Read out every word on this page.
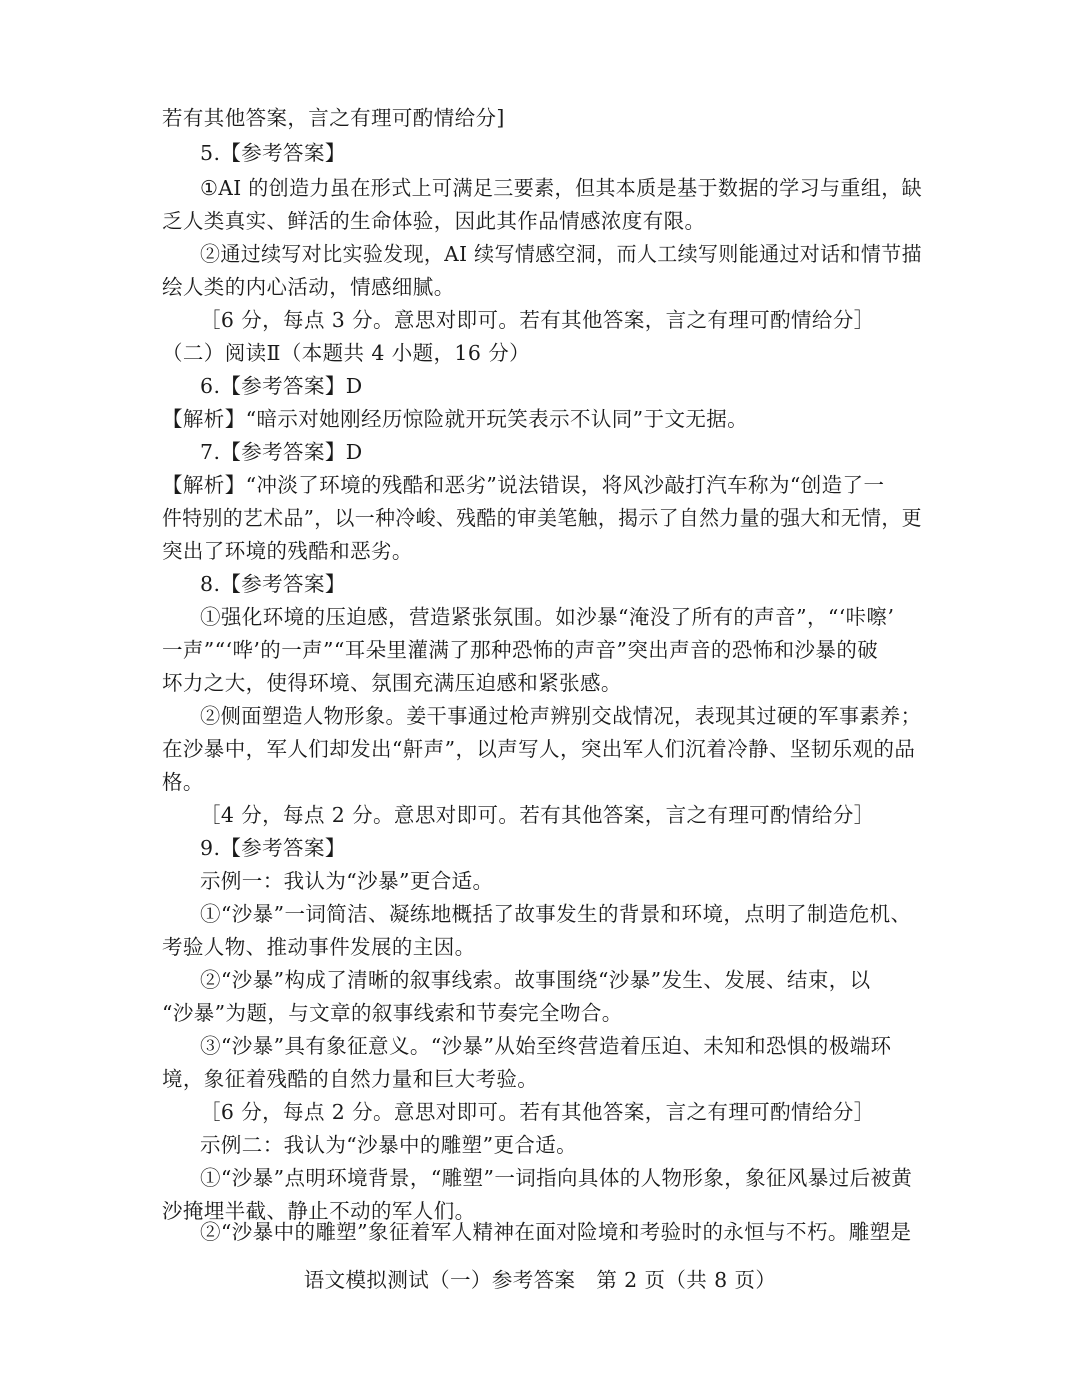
若有其他答案，言之有理可酌情给分]
5.【参考答案】
①AI 的创造力虽在形式上可满足三要素，但其本质是基于数据的学习与重组，缺
乏人类真实、鲜活的生命体验，因此其作品情感浓度有限。
②通过续写对比实验发现，AI 续写情感空洞，而人工续写则能通过对话和情节描
绘人类的内心活动，情感细腻。
［6 分，每点 3 分。意思对即可。若有其他答案，言之有理可酌情给分］
（二）阅读Ⅱ（本题共 4 小题，16 分）
6.【参考答案】D
【解析】“暗示对她刚经历惊险就开玩笑表示不认同”于文无据。
7.【参考答案】D
【解析】“冲淡了环境的残酷和恶劣”说法错误，将风沙敲打汽车称为“创造了一
件特别的艺术品”，以一种冷峻、残酷的审美笔触，揭示了自然力量的强大和无情，更
突出了环境的残酷和恶劣。
8.【参考答案】
①强化环境的压迫感，营造紧张氛围。如沙暴“淹没了所有的声音”，“‘咔嚓’
一声”“‘哗’的一声”“耳朵里灌满了那种恐怖的声音”突出声音的恐怖和沙暴的破
坏力之大，使得环境、氛围充满压迫感和紧张感。
②侧面塑造人物形象。姜干事通过枪声辨别交战情况，表现其过硬的军事素养；
在沙暴中，军人们却发出“鼾声”，以声写人，突出军人们沉着冷静、坚韧乐观的品
格。
［4 分，每点 2 分。意思对即可。若有其他答案，言之有理可酌情给分］
9.【参考答案】
示例一：我认为“沙暴”更合适。
①“沙暴”一词简洁、凝练地概括了故事发生的背景和环境，点明了制造危机、
考验人物、推动事件发展的主因。
②“沙暴”构成了清晰的叙事线索。故事围绕“沙暴”发生、发展、结束，以
“沙暴”为题，与文章的叙事线索和节奏完全吻合。
③“沙暴”具有象征意义。“沙暴”从始至终营造着压迫、未知和恐惧的极端环
境，象征着残酷的自然力量和巨大考验。
［6 分，每点 2 分。意思对即可。若有其他答案，言之有理可酌情给分］
示例二：我认为“沙暴中的雕塑”更合适。
①“沙暴”点明环境背景，“雕塑”一词指向具体的人物形象，象征风暴过后被黄
沙掩埋半截、静止不动的军人们。
②“沙暴中的雕塑”象征着军人精神在面对险境和考验时的永恒与不朽。雕塑是
语文模拟测试（一）参考答案　第 2 页（共 8 页）
